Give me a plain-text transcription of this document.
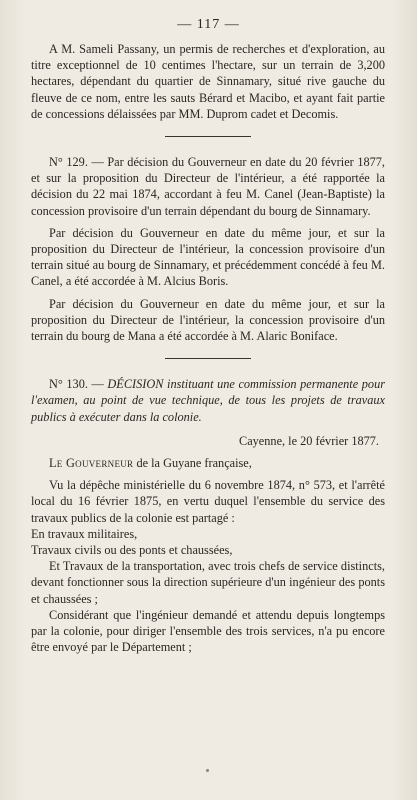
— 117 —

A M. Sameli Passany, un permis de recherches et d'exploration, au titre exceptionnel de 10 centimes l'hectare, sur un terrain de 3,200 hectares, dépendant du quartier de Sinnamary, situé rive gauche du fleuve de ce nom, entre les sauts Bérard et Macibo, et ayant fait partie de concessions délaissées par MM. Duprom cadet et Decomis.

N° 129. — Par décision du Gouverneur en date du 20 février 1877, et sur la proposition du Directeur de l'intérieur, a été rapportée la décision du 22 mai 1874, accordant à feu M. Canel (Jean-Baptiste) la concession provisoire d'un terrain dépendant du bourg de Sinnamary.

Par décision du Gouverneur en date du même jour, et sur la proposition du Directeur de l'intérieur, la concession provisoire d'un terrain situé au bourg de Sinnamary, et précédemment concédé à feu M. Canel, a été accordée à M. Alcius Boris.

Par décision du Gouverneur en date du même jour, et sur la proposition du Directeur de l'intérieur, la concession provisoire d'un terrain du bourg de Mana a été accordée à M. Alaric Boniface.

N° 130. — DÉCISION instituant une commission permanente pour l'examen, au point de vue technique, de tous les projets de travaux publics à exécuter dans la colonie.

Cayenne, le 20 février 1877.

Le Gouverneur de la Guyane française,

Vu la dépêche ministérielle du 6 novembre 1874, n° 573, et l'arrêté local du 16 février 1875, en vertu duquel l'ensemble du service des travaux publics de la colonie est partagé :

En travaux militaires,

Travaux civils ou des ponts et chaussées,

Et Travaux de la transportation, avec trois chefs de service distincts, devant fonctionner sous la direction supérieure d'un ingénieur des ponts et chaussées ;

Considérant que l'ingénieur demandé et attendu depuis longtemps par la colonie, pour diriger l'ensemble des trois services, n'a pu encore être envoyé par le Département ;
